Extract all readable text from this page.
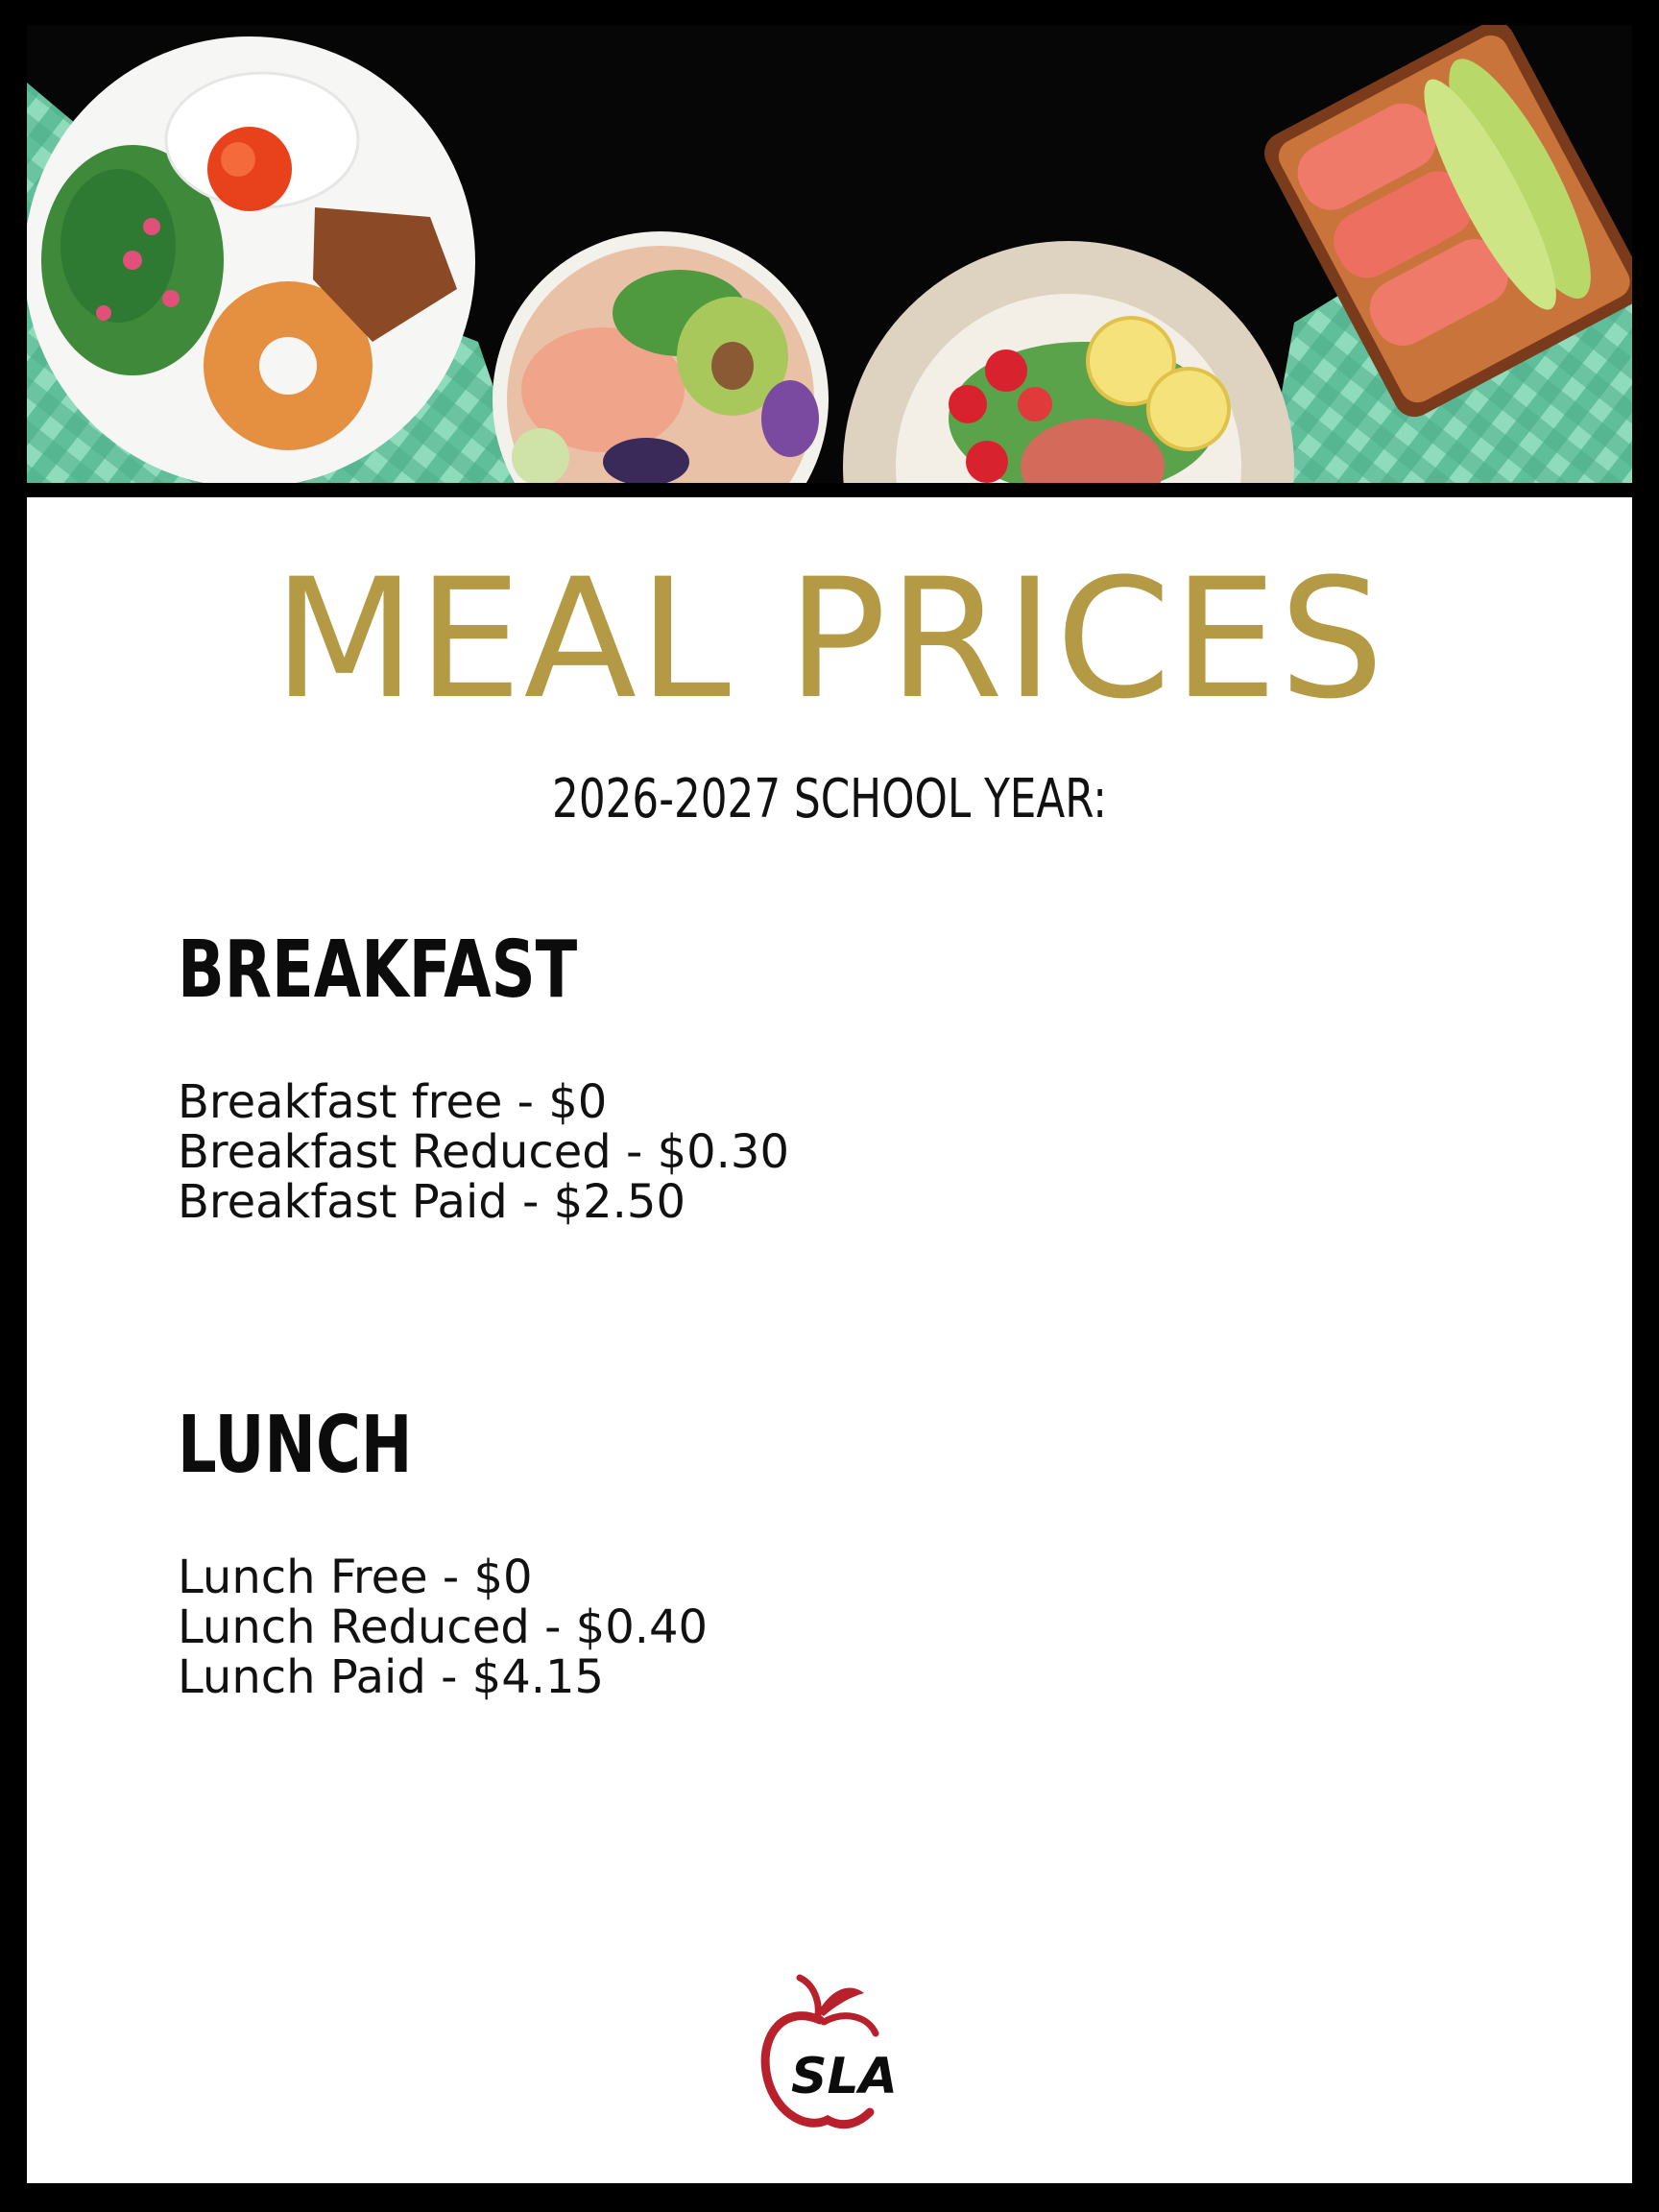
MEAL PRICES
2026-2027 SCHOOL YEAR:
BREAKFAST
Breakfast free - $0
Breakfast Reduced - $0.30
Breakfast Paid - $2.50
LUNCH
Lunch Free - $0
Lunch Reduced - $0.40
Lunch Paid - $4.15
SLA
